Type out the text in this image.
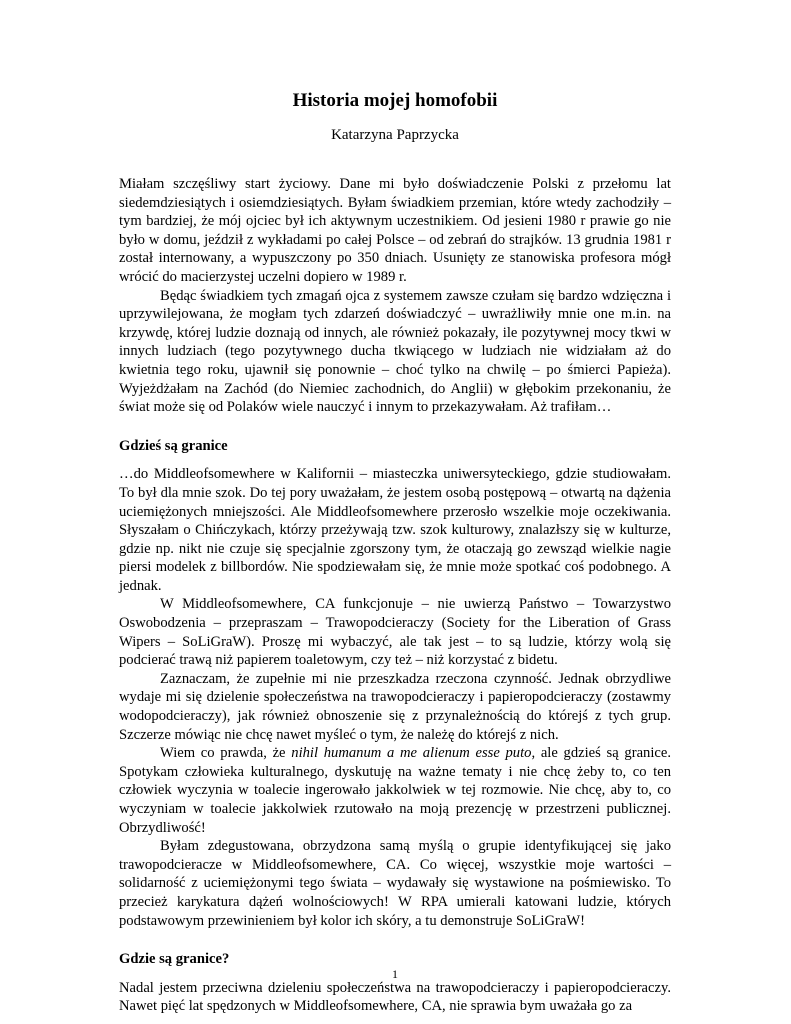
Historia mojej homofobii

Katarzyna Paprzycka

Miałam szczęśliwy start życiowy. Dane mi było doświadczenie Polski z przełomu lat siedemdziesiątych i osiemdziesiątych. Byłam świadkiem przemian, które wtedy zachodziły – tym bardziej, że mój ojciec był ich aktywnym uczestnikiem. Od jesieni 1980 r prawie go nie było w domu, jeździł z wykładami po całej Polsce – od zebrań do strajków. 13 grudnia 1981 r został internowany, a wypuszczony po 350 dniach. Usunięty ze stanowiska profesora mógł wrócić do macierzystej uczelni dopiero w 1989 r.

Będąc świadkiem tych zmagań ojca z systemem zawsze czułam się bardzo wdzięczna i uprzywilejowana, że mogłam tych zdarzeń doświadczyć – uwrażliwiły mnie one m.in. na krzywdę, której ludzie doznają od innych, ale również pokazały, ile pozytywnej mocy tkwi w innych ludziach (tego pozytywnego ducha tkwiącego w ludziach nie widziałam aż do kwietnia tego roku, ujawnił się ponownie – choć tylko na chwilę – po śmierci Papieża). Wyjeżdżałam na Zachód (do Niemiec zachodnich, do Anglii) w głębokim przekonaniu, że świat może się od Polaków wiele nauczyć i innym to przekazywałam. Aż trafiłam…

Gdzieś są granice

…do Middleofsomewhere w Kalifornii – miasteczka uniwersyteckiego, gdzie studiowałam. To był dla mnie szok. Do tej pory uważałam, że jestem osobą postępową – otwartą na dążenia uciemiężonych mniejszości. Ale Middleofsomewhere przerosło wszelkie moje oczekiwania. Słyszałam o Chińczykach, którzy przeżywają tzw. szok kulturowy, znalazłszy się w kulturze, gdzie np. nikt nie czuje się specjalnie zgorszony tym, że otaczają go zewsząd wielkie nagie piersi modelek z billbordów. Nie spodziewałam się, że mnie może spotkać coś podobnego. A jednak.

W Middleofsomewhere, CA funkcjonuje – nie uwierzą Państwo – Towarzystwo Oswobodzenia – przepraszam – Trawopodcieraczy (Society for the Liberation of Grass Wipers – SoLiGraW). Proszę mi wybaczyć, ale tak jest – to są ludzie, którzy wolą się podcierać trawą niż papierem toaletowym, czy też – niż korzystać z bidetu.

Zaznaczam, że zupełnie mi nie przeszkadza rzeczona czynność. Jednak obrzydliwe wydaje mi się dzielenie społeczeństwa na trawopodcieraczy i papieropodcieraczy (zostawmy wodopodcieraczy), jak również obnoszenie się z przynależnością do którejś z tych grup. Szczerze mówiąc nie chcę nawet myśleć o tym, że należę do którejś z nich.

Wiem co prawda, że nihil humanum a me alienum esse puto, ale gdzieś są granice. Spotykam człowieka kulturalnego, dyskutuję na ważne tematy i nie chcę żeby to, co ten człowiek wyczynia w toalecie ingerowało jakkolwiek w tej rozmowie. Nie chcę, aby to, co wyczyniam w toalecie jakkolwiek rzutowało na moją prezencję w przestrzeni publicznej. Obrzydliwość!

Byłam zdegustowana, obrzydzona samą myślą o grupie identyfikującej się jako trawopodcieracze w Middleofsomewhere, CA. Co więcej, wszystkie moje wartości – solidarność z uciemiężonymi tego świata – wydawały się wystawione na pośmiewisko. To przecież karykatura dążeń wolnościowych! W RPA umierali katowani ludzie, których podstawowym przewinieniem był kolor ich skóry, a tu demonstruje SoLiGraW!

Gdzie są granice?

Nadal jestem przeciwna dzieleniu społeczeństwa na trawopodcieraczy i papieropodcieraczy. Nawet pięć lat spędzonych w Middleofsomewhere, CA, nie sprawia bym uważała go za

1
